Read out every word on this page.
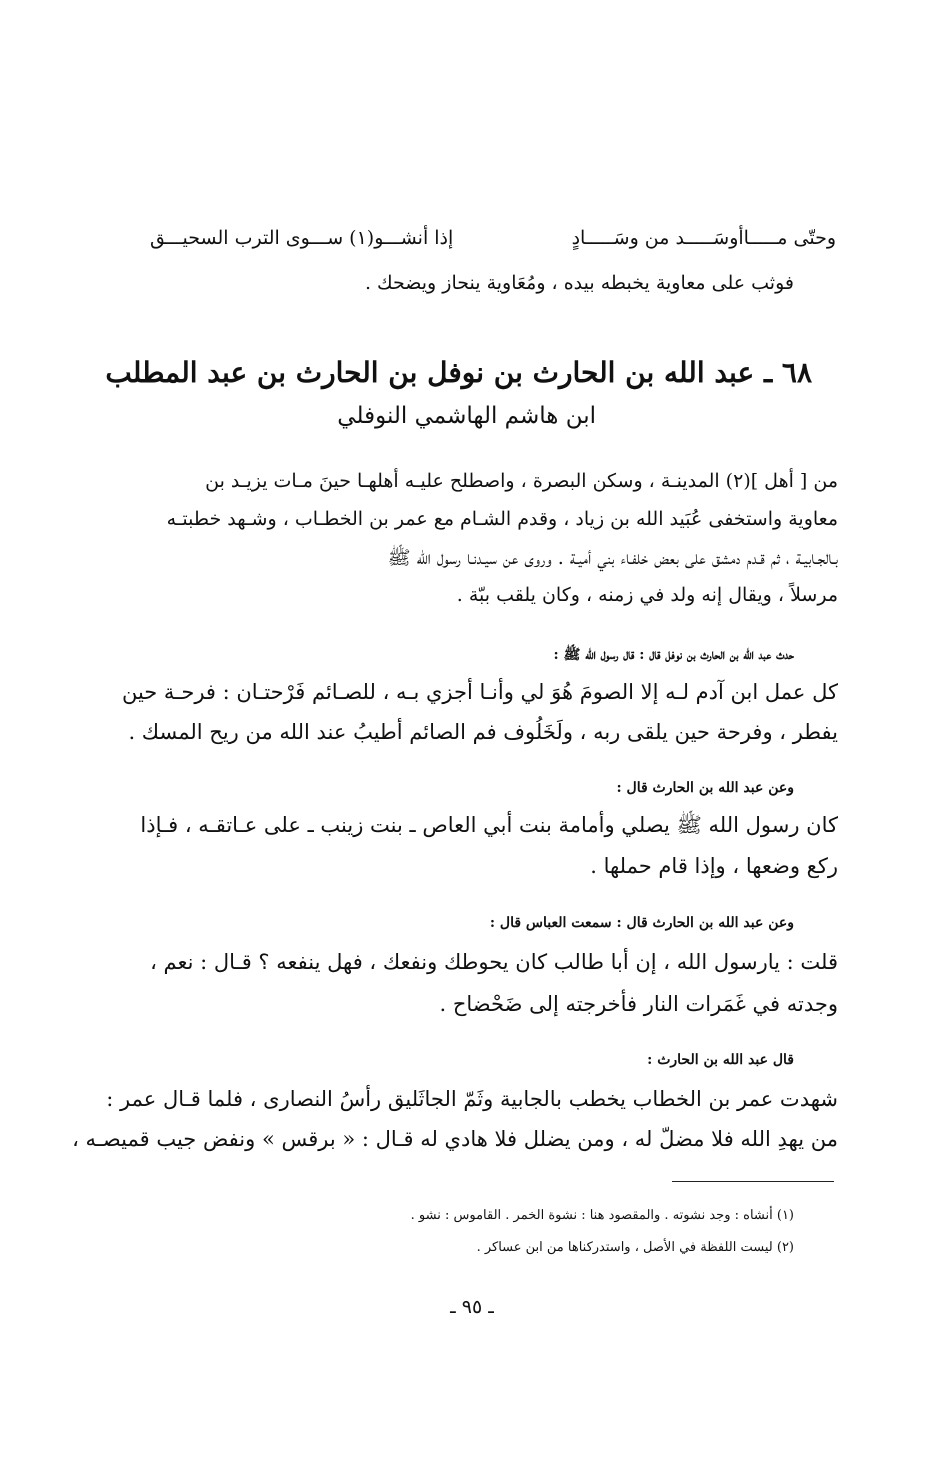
وحتّى مـــــاأوسَـــــد من وسَـــــادٍ
إذا أنشـــو(١) ســـوى الترب السحيـــق
فوثب على معاوية يخبطه بيده ، ومُعَاوية ينحاز ويضحك .
٦٨ ـ عبد الله بن الحارث بن نوفل بن الحارث بن عبد المطلب
ابن هاشم الهاشمي النوفلي
من [ أهل ](٢) المدينـة ، وسكن البصرة ، واصطلح عليـه أهلهـا حينَ مـات يزيـد بن
معاوية واستخفى عُبَيد الله بن زياد ، وقدم الشـام مع عمر بن الخطـاب ، وشـهد خطبتـه
بـالجـابيـة ، ثم قـدم دمشق على بعض خلفـاء بني أميـة . وروى عن سيـدنـا رسول الله ﷺ
مرسلاً ، ويقال إنه ولد في زمنه ، وكان يلقب ببّة .
حدث عبد الله بن الحارث بن نوفل قال : قال رسول الله ﷺ :
كل عمل ابن آدم لـه إلا الصومَ هُوَ لي وأنـا أجزي بـه ، للصـائم فَرْحتـان : فرحـة حين
يفطر ، وفرحة حين يلقى ربه ، ولَخَلُوف فم الصائم أطيبُ عند الله من ريح المسك .
وعن عبد الله بن الحارث قال :
كان رسول الله ﷺ يصلي وأمامة بنت أبي العاص ـ بنت زينب ـ على عـاتقـه ، فـإذا
ركع وضعها ، وإذا قام حملها .
وعن عبد الله بن الحارث قال : سمعت العباس قال :
قلت : يارسول الله ، إن أبا طالب كان يحوطك ونفعك ، فهل ينفعه ؟ قـال : نعم ،
وجدته في غَمَرات النار فأخرجته إلى ضَحْضاح .
قال عبد الله بن الحارث :
شهدت عمر بن الخطاب يخطب بالجابية وثَمّ الجاثَليق رأسُ النصارى ، فلما قـال عمر :
من يهدِ الله فلا مضلّ له ، ومن يضلل فلا هادي له قـال : « برقس » ونفض جيب قميصـه ،
(١) أنشاه : وجد نشوته . والمقصود هنا : نشوة الخمر . القاموس : نشو .
(٢) ليست اللفظة في الأصل ، واستدركناها من ابن عساكر .
ـ ٩٥ ـ
